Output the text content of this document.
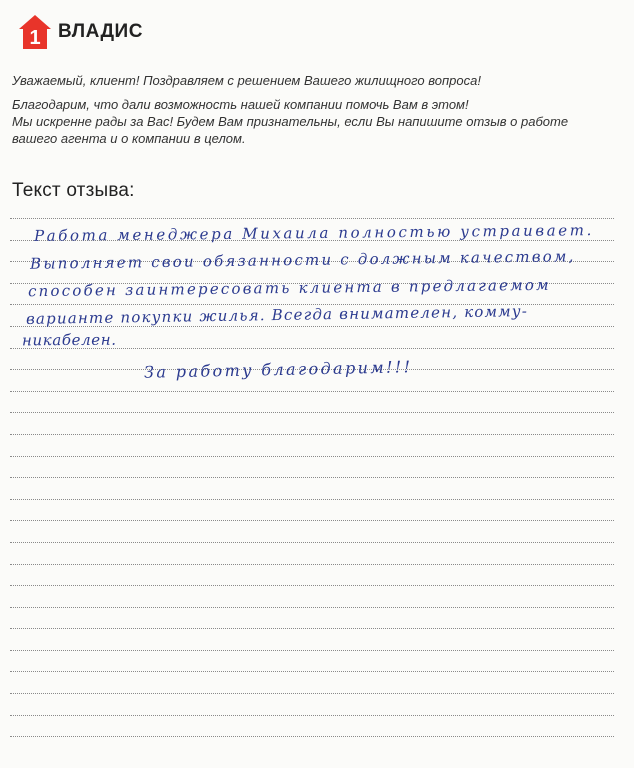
1 ВЛАДИС

Уважаемый, клиент! Поздравляем с решением Вашего жилищного вопроса!

Благодарим, что дали возможность нашей компании помочь Вам в этом!
Мы искренне рады за Вас! Будем Вам признательны, если Вы напишите отзыв о работе
вашего агента и о компании в целом.

Текст отзыва:
Работа менеджера Михаила полностью устраивает.
Выполняет свои обязанности с должным качеством,
способен заинтересовать клиента в предлагаемом
варианте покупки жилья. Всегда внимателен, комму-
никабелен.
За работу благодарим!!!
